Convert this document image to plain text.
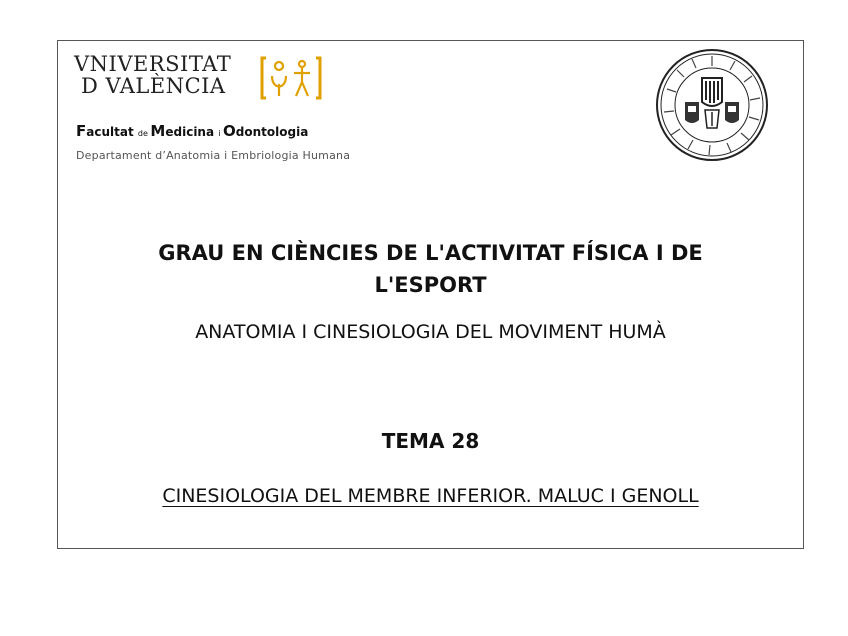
VNIVERSITAT
D VALÈNCIA
Facultat de Medicina i Odontologia
Departament d’Anatomia i Embriologia Humana
GRAU EN CIÈNCIES DE L'ACTIVITAT FÍSICA I DE
L'ESPORT
ANATOMIA I CINESIOLOGIA DEL MOVIMENT HUMÀ
TEMA 28
CINESIOLOGIA DEL MEMBRE INFERIOR. MALUC I GENOLL
